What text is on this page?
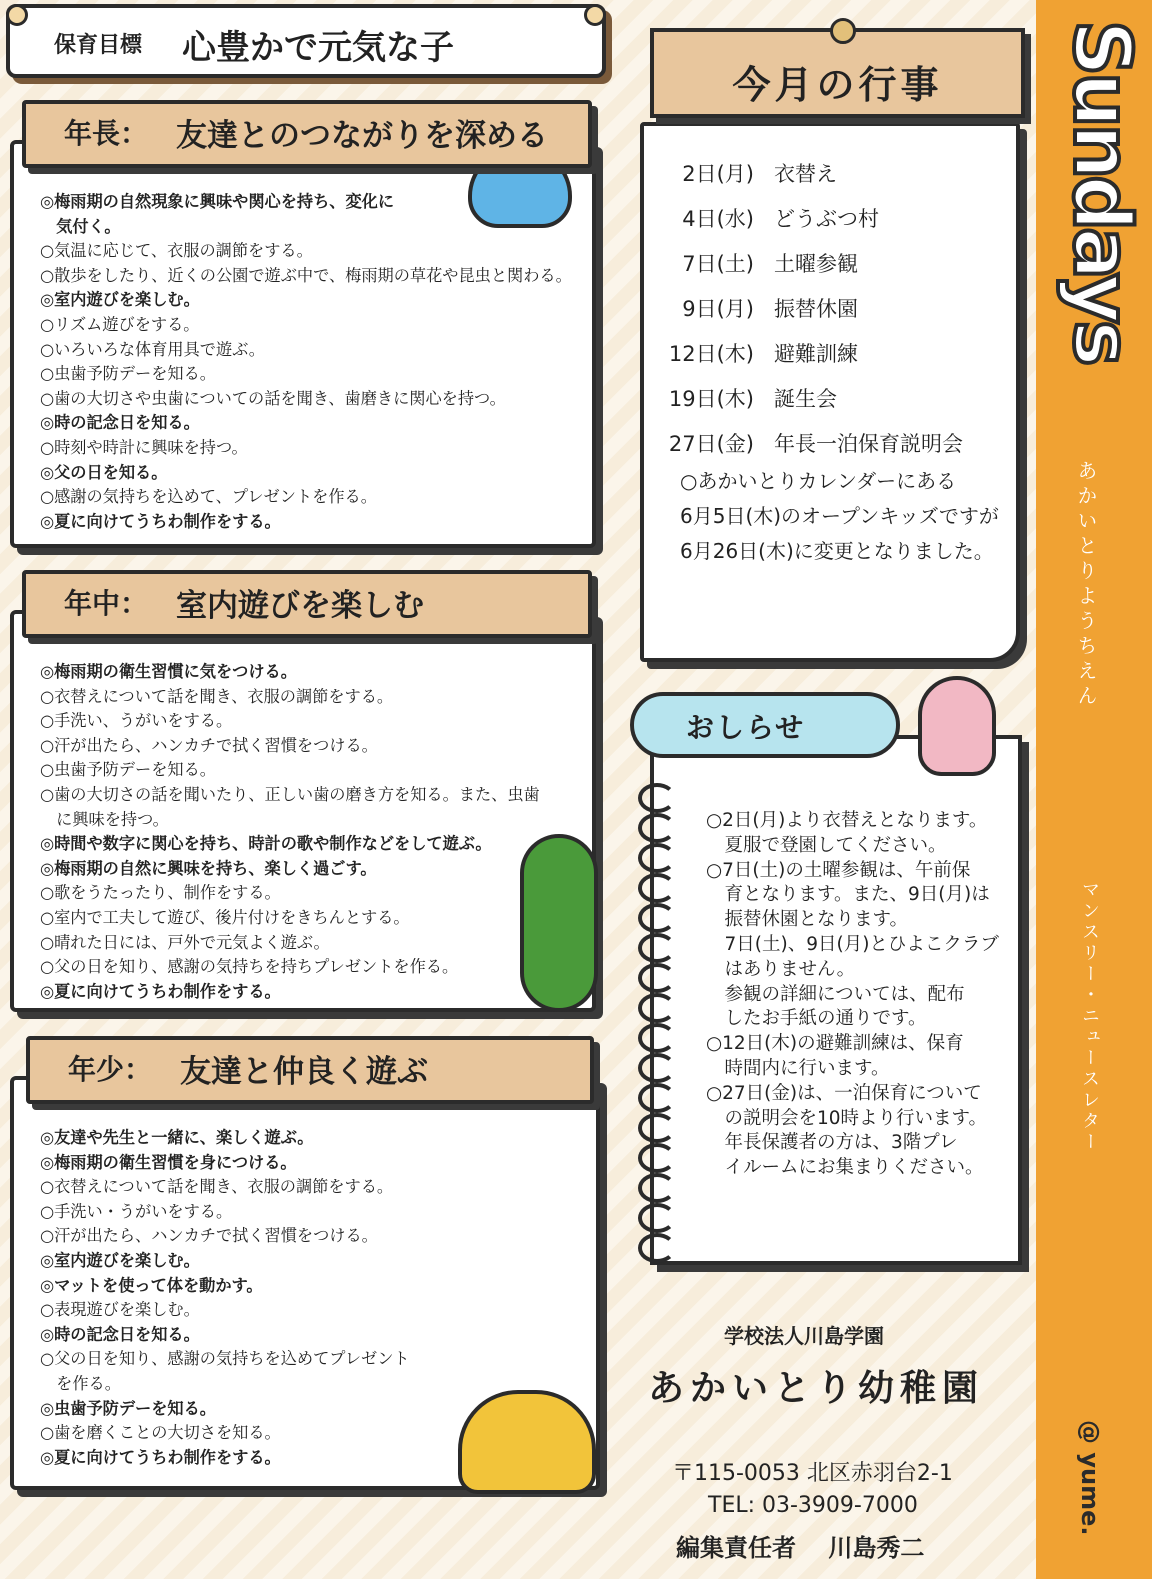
保育目標 心豊かで元気な子
◎梅雨期の自然現象に興味や関心を持ち、変化に
　気付く。
○気温に応じて、衣服の調節をする。
○散歩をしたり、近くの公園で遊ぶ中で、梅雨期の草花や昆虫と関わる。
◎室内遊びを楽しむ。
○リズム遊びをする。
○いろいろな体育用具で遊ぶ。
○虫歯予防デーを知る。
○歯の大切さや虫歯についての話を聞き、歯磨きに関心を持つ。
◎時の記念日を知る。
○時刻や時計に興味を持つ。
◎父の日を知る。
○感謝の気持ちを込めて、プレゼントを作る。
◎夏に向けてうちわ制作をする。
年長： 友達とのつながりを深める
◎梅雨期の衛生習慣に気をつける。
○衣替えについて話を聞き、衣服の調節をする。
○手洗い、うがいをする。
○汗が出たら、ハンカチで拭く習慣をつける。
○虫歯予防デーを知る。
○歯の大切さの話を聞いたり、正しい歯の磨き方を知る。また、虫歯
　に興味を持つ。
◎時間や数字に関心を持ち、時計の歌や制作などをして遊ぶ。
◎梅雨期の自然に興味を持ち、楽しく過ごす。
○歌をうたったり、制作をする。
○室内で工夫して遊び、後片付けをきちんとする。
○晴れた日には、戸外で元気よく遊ぶ。
○父の日を知り、感謝の気持ちを持ちプレゼントを作る。
◎夏に向けてうちわ制作をする。
年中： 室内遊びを楽しむ
◎友達や先生と一緒に、楽しく遊ぶ。
◎梅雨期の衛生習慣を身につける。
○衣替えについて話を聞き、衣服の調節をする。
○手洗い・うがいをする。
○汗が出たら、ハンカチで拭く習慣をつける。
◎室内遊びを楽しむ。
◎マットを使って体を動かす。
○表現遊びを楽しむ。
◎時の記念日を知る。
○父の日を知り、感謝の気持ちを込めてプレゼント
　を作る。
◎虫歯予防デーを知る。
○歯を磨くことの大切さを知る。
◎夏に向けてうちわ制作をする。
年少： 友達と仲良く遊ぶ
2日(月) 衣替え
4日(水) どうぶつ村
7日(土) 土曜参観
9日(月) 振替休園
12日(木) 避難訓練
19日(木) 誕生会
27日(金) 年長一泊保育説明会
○あかいとりカレンダーにある
6月5日(木)のオープンキッズですが
6月26日(木)に変更となりました。
今月の行事
○2日(月)より衣替えとなります。
　夏服で登園してください。
○7日(土)の土曜参観は、午前保
　育となります。また、9日(月)は
　振替休園となります。
　7日(土)、9日(月)とひよこクラブ
　はありません。
　参観の詳細については、配布
　したお手紙の通りです。
○12日(木)の避難訓練は、保育
　時間内に行います。
○27日(金)は、一泊保育について
　の説明会を10時より行います。
　年長保護者の方は、3階プレ
　イルームにお集まりください。
おしらせ
学校法人川島学園
あかいとり幼稚園
〒115-0053 北区赤羽台2-1
TEL: 03-3909-7000
編集責任者　 川島秀二
Sundays
あかいとりようちえん
マンスリー・ニュースレター
@ yume.
